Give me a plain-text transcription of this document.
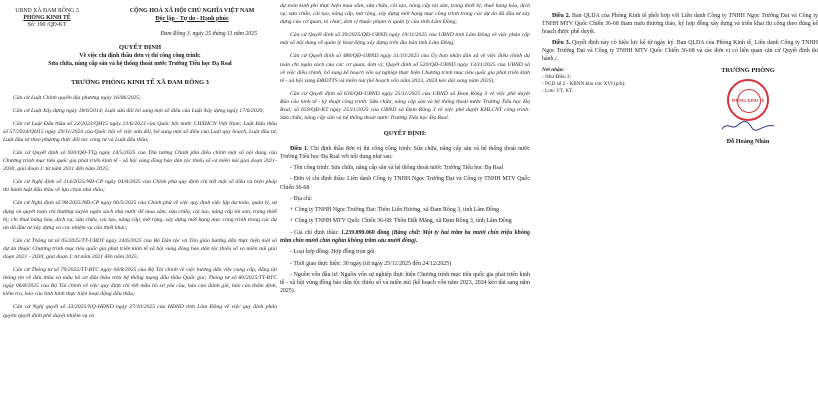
UBND XÃ ĐAM RÔNG 3
PHÒNG KINH TẾ
Số: 190 /QĐ-KT
CỘNG HOÀ XÃ HỘI CHỦ NGHĨA VIỆT NAM
Độc lập - Tự do - Hạnh phúc
Đam Rông 3, ngày 25 tháng 11 năm 2025
QUYẾT ĐỊNH
Về việc chỉ định thầu đơn vị thi công công trình:
Sửa chữa, nâng cấp sân và hệ thống thoát nước Trường Tiểu học Đạ Rsal
TRƯỞNG PHÒNG KINH TẾ XÃ ĐAM RÔNG 3
Căn cứ Luật Chính quyền địa phương ngày 16/06/2025;
Căn cứ Luật Xây dựng ngày 18/6/2014; Luật sửa đổi bổ sung một số điều của Luật Xây dựng ngày 17/6/2020;
Căn cứ Luật Đấu thầu số 22/2023/QH15 ngày 23/6/2023 của Quốc hội nước CHXHCN Việt Nam; Luật Đấu thầu số 57/2024/QH15 ngày 29/11/2024 của Quốc hội về việc sửa đổi, bổ sung một số điều của Luật quy hoạch, Luật đầu tư, Luật đầu tư theo phương thức đối tác công tư và Luật đấu thầu;
Căn cứ Quyết định số 920/QĐ-TTg ngày 14/5/2025 của Thủ tướng Chính phủ điều chỉnh một số nội dung của Chương trình mục tiêu quốc gia phát triển kinh tế - xã hội vùng đồng bào dân tộc thiểu số và miền núi giai đoạn 2021-2030, giai đoạn I: từ năm 2021 đến năm 2025;
Căn cứ Nghị định số 214/2025/NĐ-CP ngày 04/8/2025 của Chính phủ quy định chi tiết một số điều và biện pháp thi hành luật đấu thầu về lựa chọn nhà thầu;
Căn cứ Nghị định số 98/2025/NĐ-CP ngày 06/5/2025 của Chính phủ về việc quy định việc lập dự toán, quản lý, sử dụng và quyết toán chi thường xuyên ngân sách nhà nước để mua sắm, sửa chữa, cải tạo, nâng cấp tài sản, trang thiết bị; chi thuê hàng hóa, dịch vụ; sửa chữa, cải tạo, nâng cấp, mở rộng, xây dựng mới hạng mục công trình trong các dự án đã đầu tư xây dựng và các nhiệm vụ cần thiết khác;
Căn cứ Thông tư số 05/2025/TT-UBDT ngày 24/6/2025 của Bộ Dân tộc và Tôn giáo hướng dẫn thực hiện một số dự án thuộc Chương trình mục tiêu quốc gia phát triển kinh tế xã hội vùng đồng bào dân tộc thiểu số và miền núi giai đoạn 2021 - 2030, giai đoạn I: từ năm 2021 đến năm 2025;
Căn cứ Thông tư số 79/2025/TT-BTC ngày 04/8/2025 của Bộ Tài chính về việc hướng dẫn việc cung cấp, đăng tải thông tin về đấu thầu và mẫu hồ sơ đấu thầu trên hệ thống mạng đấu thầu Quốc gia; Thông tư số 80/2025/TT-BTC ngày 06/8/2025 của Bộ Tài chính về việc quy định chi tiết mẫu hồ sơ yêu cầu, báo cáo đánh giá, báo cáo thẩm định, kiểm tra, báo cáo tình hình thực hiện hoạt động đấu thầu;
Căn cứ Nghị quyết số 33/2025/NQ-HĐND ngày 27/10/2025 của HĐND tỉnh Lâm Đồng về việc quy định phân quyền quyết định phê duyệt nhiệm vụ và
dự toán kinh phí thực hiện mua sắm, sửa chữa, cải tạo, nâng cấp tài sản, trang thiết bị; thuê hàng hóa, dịch vụ; sửa chữa, cải tạo, nâng cấp, mở rộng, xây dựng mới hạng mục công trình trong các dự án đã đầu tư xây dựng của cơ quan, tổ chức, đơn vị thuộc phạm vi quản lý của tỉnh Lâm Đồng;
Căn cứ Quyết định số 39/2025/QĐ-UBND ngày 19/11/2025 của UBND tỉnh Lâm Đồng về việc phân cấp một số nội dung về quản lý hoạt động xây dựng trên địa bàn tỉnh Lâm Đồng;
Căn cứ Quyết định số 480/QĐ-UBND ngày 31/10/2025 của Ủy ban nhân dân xã về việc điều chỉnh dự toán chi ngân sách của các cơ quan, đơn vị; Quyết định số 520/QĐ-UBND ngày 13/11/2025 của UBND xã về việc điều chỉnh, bổ sung kế hoạch vốn sự nghiệp thực hiện Chương trình mục tiêu quốc gia phát triển kinh tế - xã hội vùng ĐBDTTS và miền núi (kế hoạch vốn năm 2023, 2024 kéo dài sang năm 2025);
Căn cứ Quyết định số 636/QĐ-UBND ngày 25/11/2025 của UBND xã Đam Rông 3 về việc phê duyệt Báo cáo kinh tế - kỹ thuật công trình: Sửa chữa, nâng cấp sân và hệ thống thoát nước Trường Tiểu học Đạ Rsal; số 659/QĐ-KT ngày 25/11/2025 của UBND xã Đam Rông 3 về việc phê duyệt KHLCNT công trình: Sửa chữa, nâng cấp sân và hệ thống thoát nước Trường Tiểu học Đạ Rsal.
QUYẾT ĐỊNH:
Điều 1. Chỉ định thầu đơn vị thi công công trình: Sửa chữa, nâng cấp sân và hệ thống thoát nước Trường Tiểu học Đạ Rsal với nội dung như sau:
- Tên công trình: Sửa chữa, nâng cấp sân và hệ thống thoát nước Trường Tiểu học Đạ Rsal
- Đơn vị chỉ định thầu: Liên danh Công ty TNHH Ngọc Trường Đạt và Công ty TNHH MTV Quốc Chiến 36-68
- Địa chỉ:
+ Công ty TNHH Ngọc Trường Đạt: Thôn Liên Hương, xã Đam Rông 3, tỉnh Lâm Đồng
+ Công ty TNHH MTV Quốc Chiến 36-68: Thôn Đăk Măng, xã Đam Rông 3, tỉnh Lâm Đồng
- Giá chỉ định thầu: 1.239.099.060 đồng (Bằng chữ: Một tỷ hai trăm ba mươi chín triệu không trăm chín mươi chín nghìn không trăm sáu mươi đồng).
- Loại hợp đồng: Hợp đồng trọn gói
- Thời gian thực hiện: 30 ngày (từ ngày 25/11/2025 đến 24/12/2025)
- Nguồn vốn đầu tư: Nguồn vốn sự nghiệp thực hiện Chương trình mục tiêu quốc gia phát triển kinh tế - xã hội vùng đồng bào dân tộc thiểu số và miền núi (kế hoạch vốn năm 2023, 2024 kéo dài sang năm 2025).
Điều 2. Ban QLDA của Phòng Kinh tế phối hợp với Liên danh Công ty TNHH Ngọc Trường Đạt và Công ty TNHH MTV Quốc Chiến 36-68 tham mưu thương thảo, ký hợp đồng xây dựng và triển khai thi công theo đúng kế hoạch được phê duyệt.
Điều 3. Quyết định này có hiệu lực kể từ ngày ký. Ban QLDA của Phòng Kinh tế, Liên danh Công ty TNHH Ngọc Trường Đạt và Công ty TNHH MTV Quốc Chiến 36-68 và các đơn vị có liên quan căn cứ Quyết định thi hành./.
Nơi nhận:
- Như Điều 3;
- PGD số 2 - KBNN khu vực XVI (p/h);
- Lưu: VT, KT.
TRƯỞNG PHÒNG
PHÒNG KINH TẾ
Đỗ Hoàng Nhân
